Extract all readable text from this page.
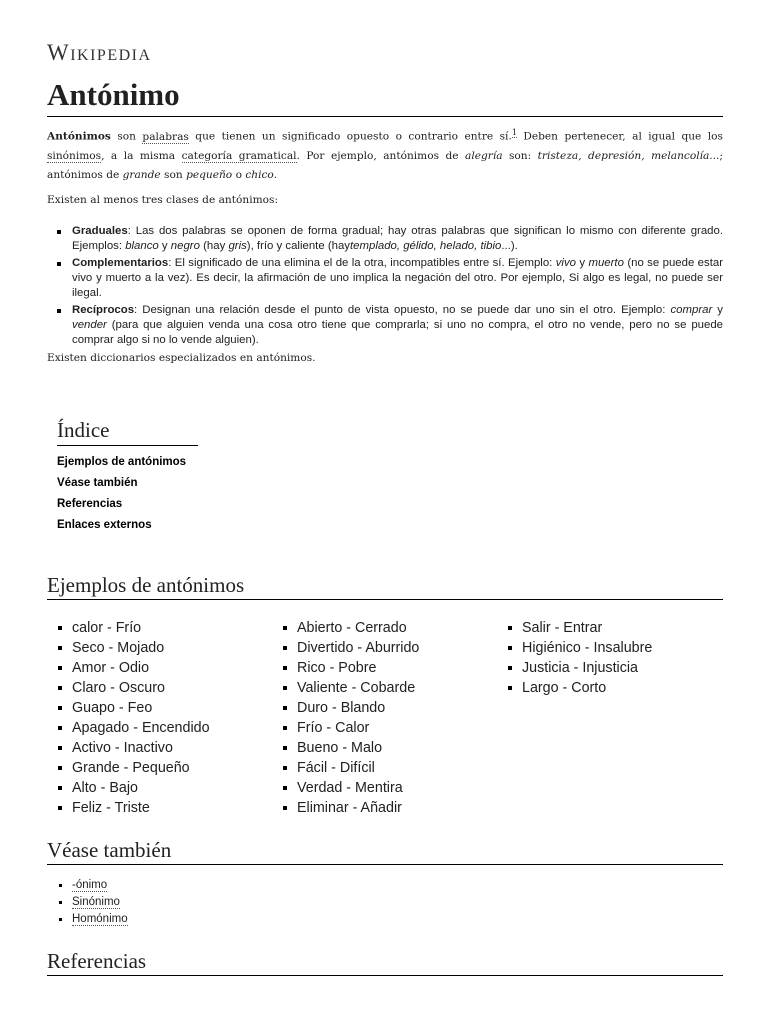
Wikipedia
Antónimo

Antónimos son palabras que tienen un significado opuesto o contrario entre sí.$^1$ Deben pertenecer, al igual que los sinónimos, a la misma categoría gramatical. Por ejemplo, antónimos de alegría son: tristeza, depresión, melancolía...; antónimos de grande son pequeño o chico.

Existen al menos tres clases de antónimos:

Graduales: Las dos palabras se oponen de forma gradual; hay otras palabras que significan lo mismo con diferente grado. Ejemplos: blanco y negro (hay gris), frío y caliente (haytemplado, gélido, helado, tibio...).
Complementarios: El significado de una elimina el de la otra, incompatibles entre sí. Ejemplo: vivo y muerto (no se puede estar vivo y muerto a la vez). Es decir, la afirmación de uno implica la negación del otro. Por ejemplo, Si algo es legal, no puede ser ilegal.
Recíprocos: Designan una relación desde el punto de vista opuesto, no se puede dar uno sin el otro. Ejemplo: comprar y vender (para que alguien venda una cosa otro tiene que comprarla; si uno no compra, el otro no vende, pero no se puede comprar algo si no lo vende alguien).

Existen diccionarios especializados en antónimos.

Índice
Ejemplos de antónimos
Véase también
Referencias
Enlaces externos
Ejemplos de antónimos
calor - Frío
Seco - Mojado
Amor - Odio
Claro - Oscuro
Guapo - Feo
Apagado - Encendido
Activo - Inactivo
Grande - Pequeño
Alto - Bajo
Feliz - Triste
Abierto - Cerrado
Divertido - Aburrido
Rico - Pobre
Valiente - Cobarde
Duro - Blando
Frío - Calor
Bueno - Malo
Fácil - Difícil
Verdad - Mentira
Eliminar - Añadir
Salir - Entrar
Higiénico - Insalubre
Justicia - Injusticia
Largo - Corto
Véase también
-ónimo
Sinónimo
Homónimo
Referencias
